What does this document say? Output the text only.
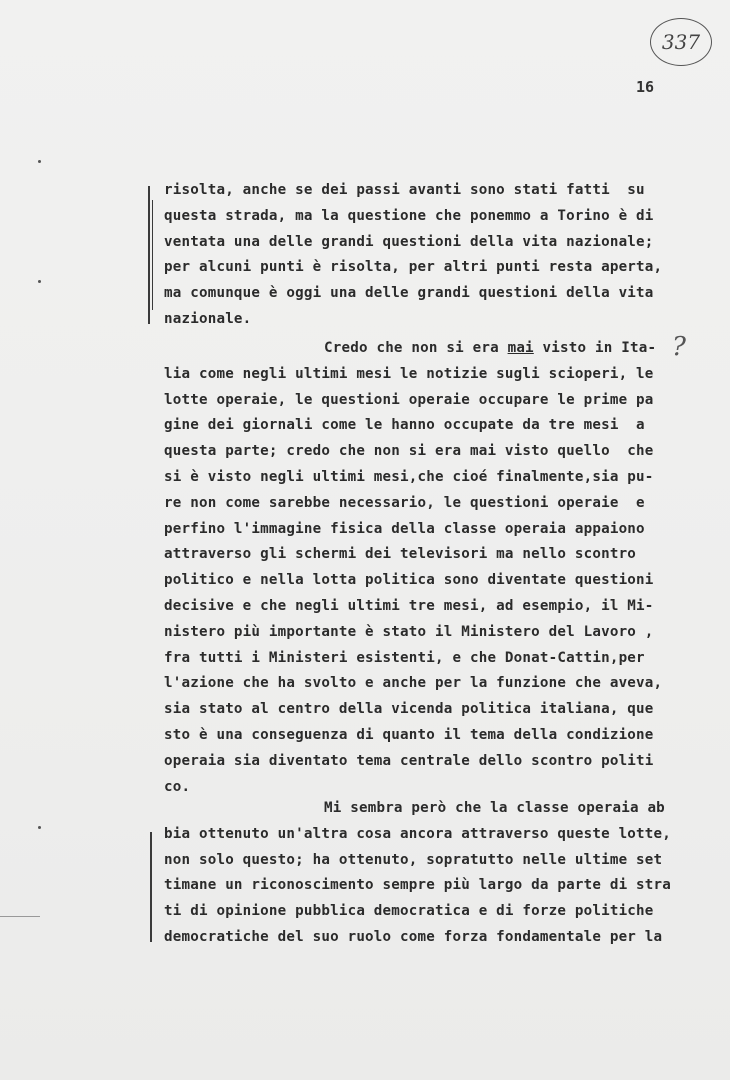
337
16
?
risolta, anche se dei passi avanti sono stati fatti  su
questa strada, ma la questione che ponemmo a Torino è di
ventata una delle grandi questioni della vita nazionale;
per alcuni punti è risolta, per altri punti resta aperta,
ma comunque è oggi una delle grandi questioni della vita
nazionale.
Credo che non si era mai visto in Ita-
lia come negli ultimi mesi le notizie sugli scioperi, le
lotte operaie, le questioni operaie occupare le prime pa
gine dei giornali come le hanno occupate da tre mesi  a
questa parte; credo che non si era mai visto quello  che
si è visto negli ultimi mesi,che cioé finalmente,sia pu-
re non come sarebbe necessario, le questioni operaie  e
perfino l'immagine fisica della classe operaia appaiono
attraverso gli schermi dei televisori ma nello scontro
politico e nella lotta politica sono diventate questioni
decisive e che negli ultimi tre mesi, ad esempio, il Mi-
nistero più importante è stato il Ministero del Lavoro ,
fra tutti i Ministeri esistenti, e che Donat-Cattin,per
l'azione che ha svolto e anche per la funzione che aveva,
sia stato al centro della vicenda politica italiana, que
sto è una conseguenza di quanto il tema della condizione
operaia sia diventato tema centrale dello scontro politi
co.
Mi sembra però che la classe operaia ab
bia ottenuto un'altra cosa ancora attraverso queste lotte,
non solo questo; ha ottenuto, sopratutto nelle ultime set
timane un riconoscimento sempre più largo da parte di stra
ti di opinione pubblica democratica e di forze politiche
democratiche del suo ruolo come forza fondamentale per la
